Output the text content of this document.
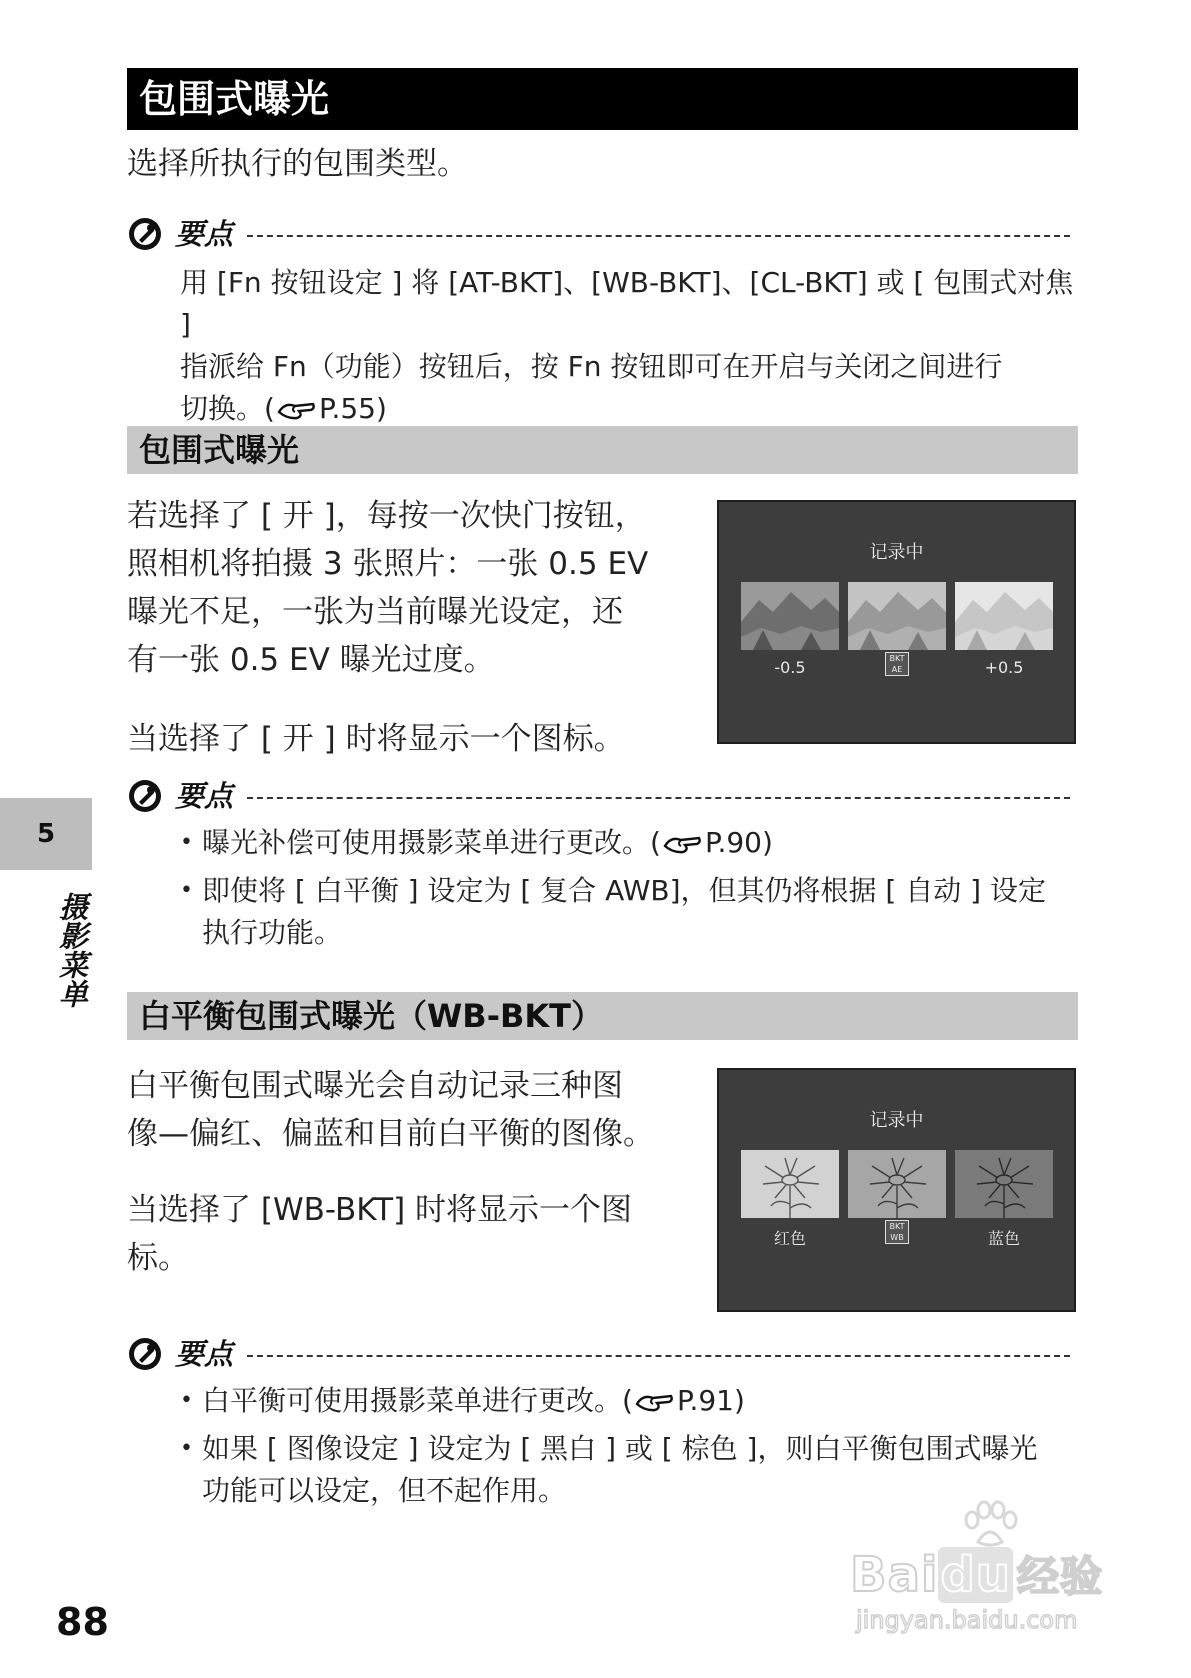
包围式曝光
选择所执行的包围类型。
要点
用 [Fn 按钮设定 ] 将 [AT-BKT]、[WB-BKT]、[CL-BKT] 或 [ 包围式对焦 ]
指派给 Fn（功能）按钮后，按 Fn 按钮即可在开启与关闭之间进行
切换。( P.55)
包围式曝光
若选择了 [ 开 ]，每按一次快门按钮，
照相机将拍摄 3 张照片：一张 0.5 EV
曝光不足，一张为当前曝光设定，还
有一张 0.5 EV 曝光过度。
当选择了 [ 开 ] 时将显示一个图标。
记录中
-0.5	BKT
AE	+0.5
要点
• 曝光补偿可使用摄影菜单进行更改。( P.90)
• 即使将 [ 白平衡 ] 设定为 [ 复合 AWB]，但其仍将根据 [ 自动 ] 设定
执行功能。
白平衡包围式曝光（WB-BKT）
白平衡包围式曝光会自动记录三种图
像—偏红、偏蓝和目前白平衡的图像。
当选择了 [WB-BKT] 时将显示一个图
标。
记录中
红色
BKT
WB	蓝色
要点
• 白平衡可使用摄影菜单进行更改。( P.91)
• 如果 [ 图像设定 ] 设定为 [ 黑白 ] 或 [ 棕色 ]，则白平衡包围式曝光
功能可以设定，但不起作用。
5
摄影菜单
88
Baidu 经验
jingyan.baidu.com
